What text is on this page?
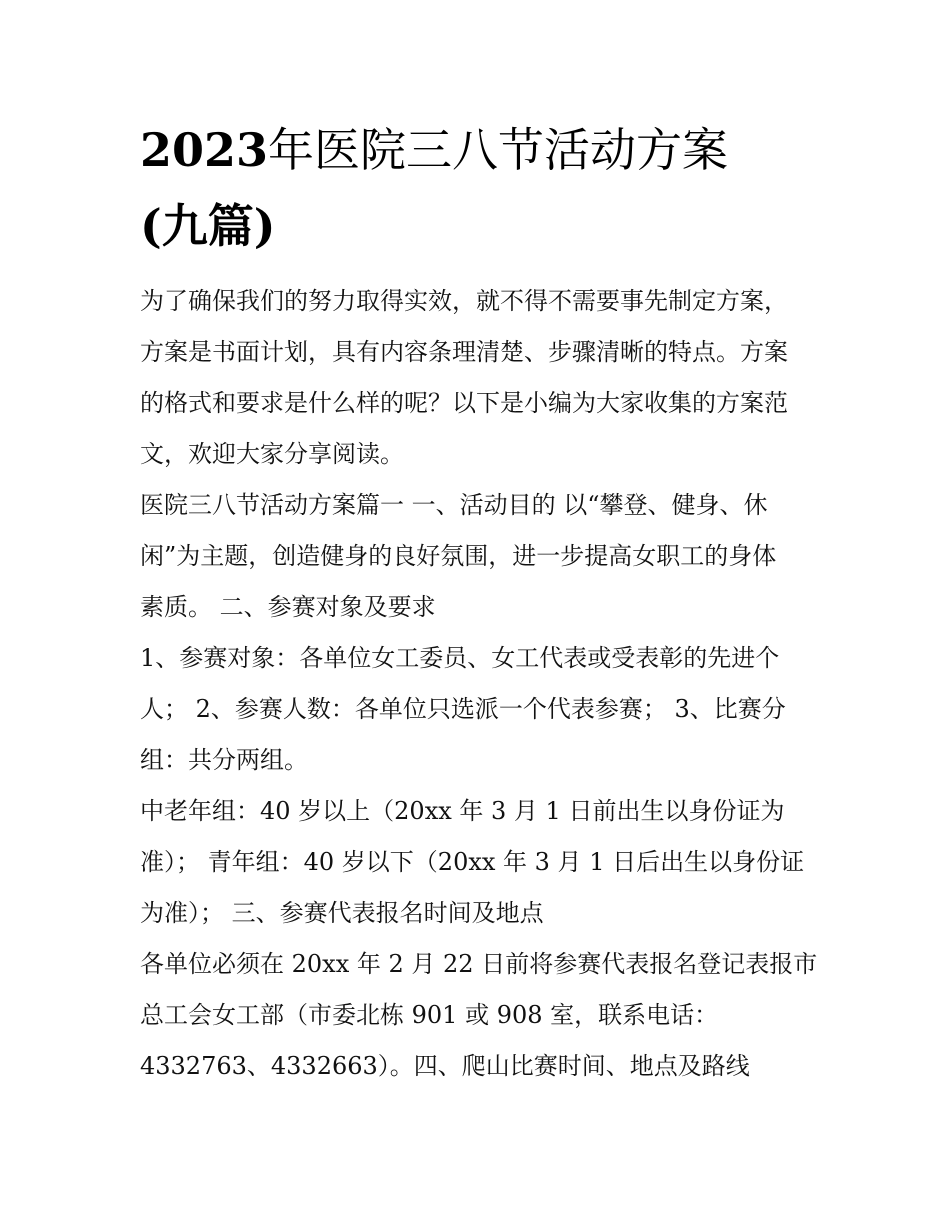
2023年医院三八节活动方案
(九篇)
为了确保我们的努力取得实效，就不得不需要事先制定方案，
方案是书面计划，具有内容条理清楚、步骤清晰的特点。方案
的格式和要求是什么样的呢？以下是小编为大家收集的方案范
文，欢迎大家分享阅读。
医院三八节活动方案篇一 一、活动目的 以“攀登、健身、休
闲”为主题，创造健身的良好氛围，进一步提高女职工的身体
素质。 二、参赛对象及要求
1、参赛对象：各单位女工委员、女工代表或受表彰的先进个
人； 2、参赛人数：各单位只选派一个代表参赛； 3、比赛分
组：共分两组。
中老年组：40 岁以上（20xx 年 3 月 1 日前出生以身份证为
准）； 青年组：40 岁以下（20xx 年 3 月 1 日后出生以身份证
为准）； 三、参赛代表报名时间及地点
各单位必须在 20xx 年 2 月 22 日前将参赛代表报名登记表报市
总工会女工部（市委北栋 901 或 908 室，联系电话：
4332763、4332663）。四、爬山比赛时间、地点及路线
